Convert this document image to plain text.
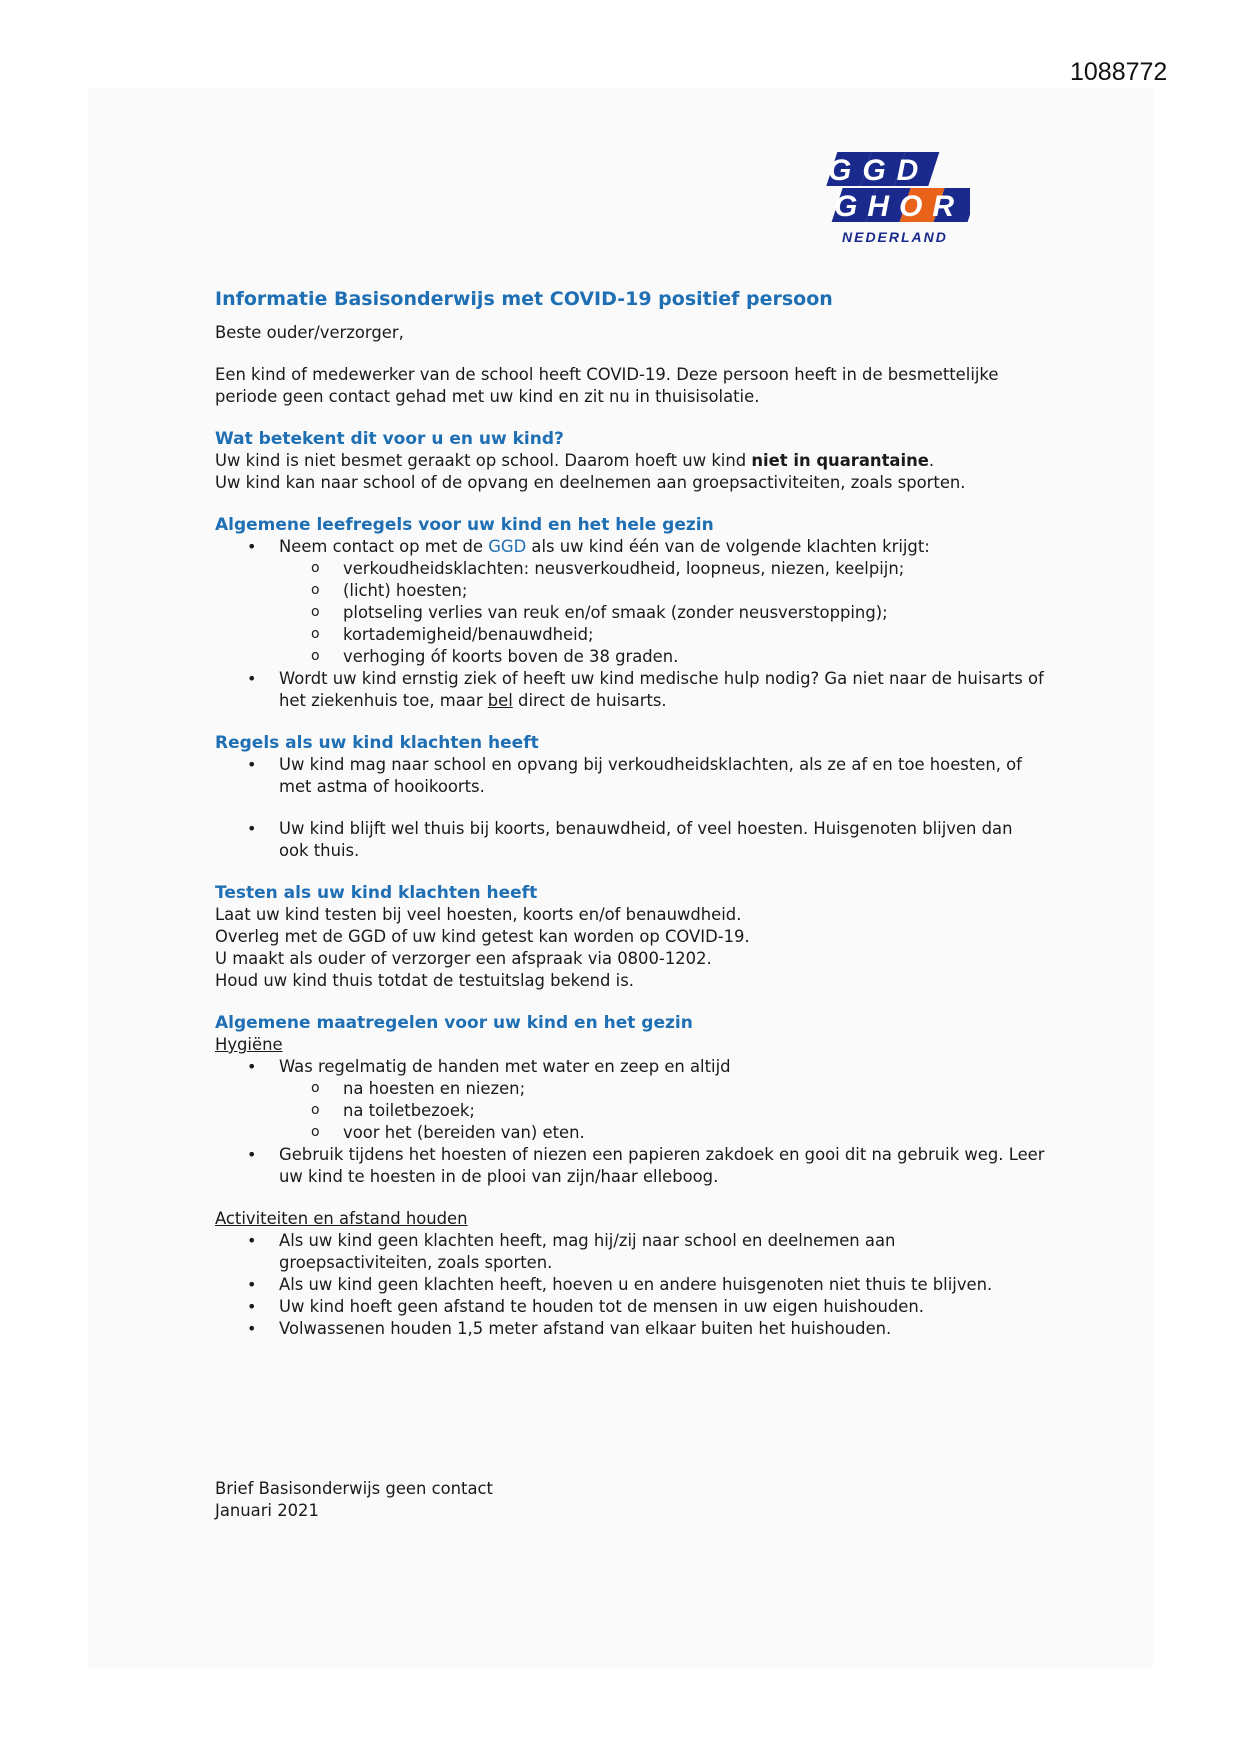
1088772
GGD
GHOR
NEDERLAND
Informatie Basisonderwijs met COVID-19 positief persoon

Beste ouder/verzorger,

Een kind of medewerker van de school heeft COVID-19. Deze persoon heeft in de besmettelijke periode geen contact gehad met uw kind en zit nu in thuisisolatie.

Wat betekent dit voor u en uw kind?

Uw kind is niet besmet geraakt op school. Daarom hoeft uw kind niet in quarantaine.

Uw kind kan naar school of de opvang en deelnemen aan groepsactiviteiten, zoals sporten.

Algemene leefregels voor uw kind en het hele gezin
• Neem contact op met de GGD als uw kind één van de volgende klachten krijgt:
o verkoudheidsklachten: neusverkoudheid, loopneus, niezen, keelpijn;
o (licht) hoesten;
o plotseling verlies van reuk en/of smaak (zonder neusverstopping);
o kortademigheid/benauwdheid;
o verhoging óf koorts boven de 38 graden.
• Wordt uw kind ernstig ziek of heeft uw kind medische hulp nodig? Ga niet naar de huisarts of het ziekenhuis toe, maar bel direct de huisarts.
Regels als uw kind klachten heeft
• Uw kind mag naar school en opvang bij verkoudheidsklachten, als ze af en toe hoesten, of met astma of hooikoorts.
• Uw kind blijft wel thuis bij koorts, benauwdheid, of veel hoesten. Huisgenoten blijven dan ook thuis.
Testen als uw kind klachten heeft

Laat uw kind testen bij veel hoesten, koorts en/of benauwdheid.

Overleg met de GGD of uw kind getest kan worden op COVID-19.

U maakt als ouder of verzorger een afspraak via 0800-1202.

Houd uw kind thuis totdat de testuitslag bekend is.

Algemene maatregelen voor uw kind en het gezin

Hygiëne

• Was regelmatig de handen met water en zeep en altijd
o na hoesten en niezen;
o na toiletbezoek;
o voor het (bereiden van) eten.
• Gebruik tijdens het hoesten of niezen een papieren zakdoek en gooi dit na gebruik weg. Leer uw kind te hoesten in de plooi van zijn/haar elleboog.

Activiteiten en afstand houden

• Als uw kind geen klachten heeft, mag hij/zij naar school en deelnemen aan groepsactiviteiten, zoals sporten.
• Als uw kind geen klachten heeft, hoeven u en andere huisgenoten niet thuis te blijven.
• Uw kind hoeft geen afstand te houden tot de mensen in uw eigen huishouden.
• Volwassenen houden 1,5 meter afstand van elkaar buiten het huishouden.

Brief Basisonderwijs geen contact

Januari 2021
